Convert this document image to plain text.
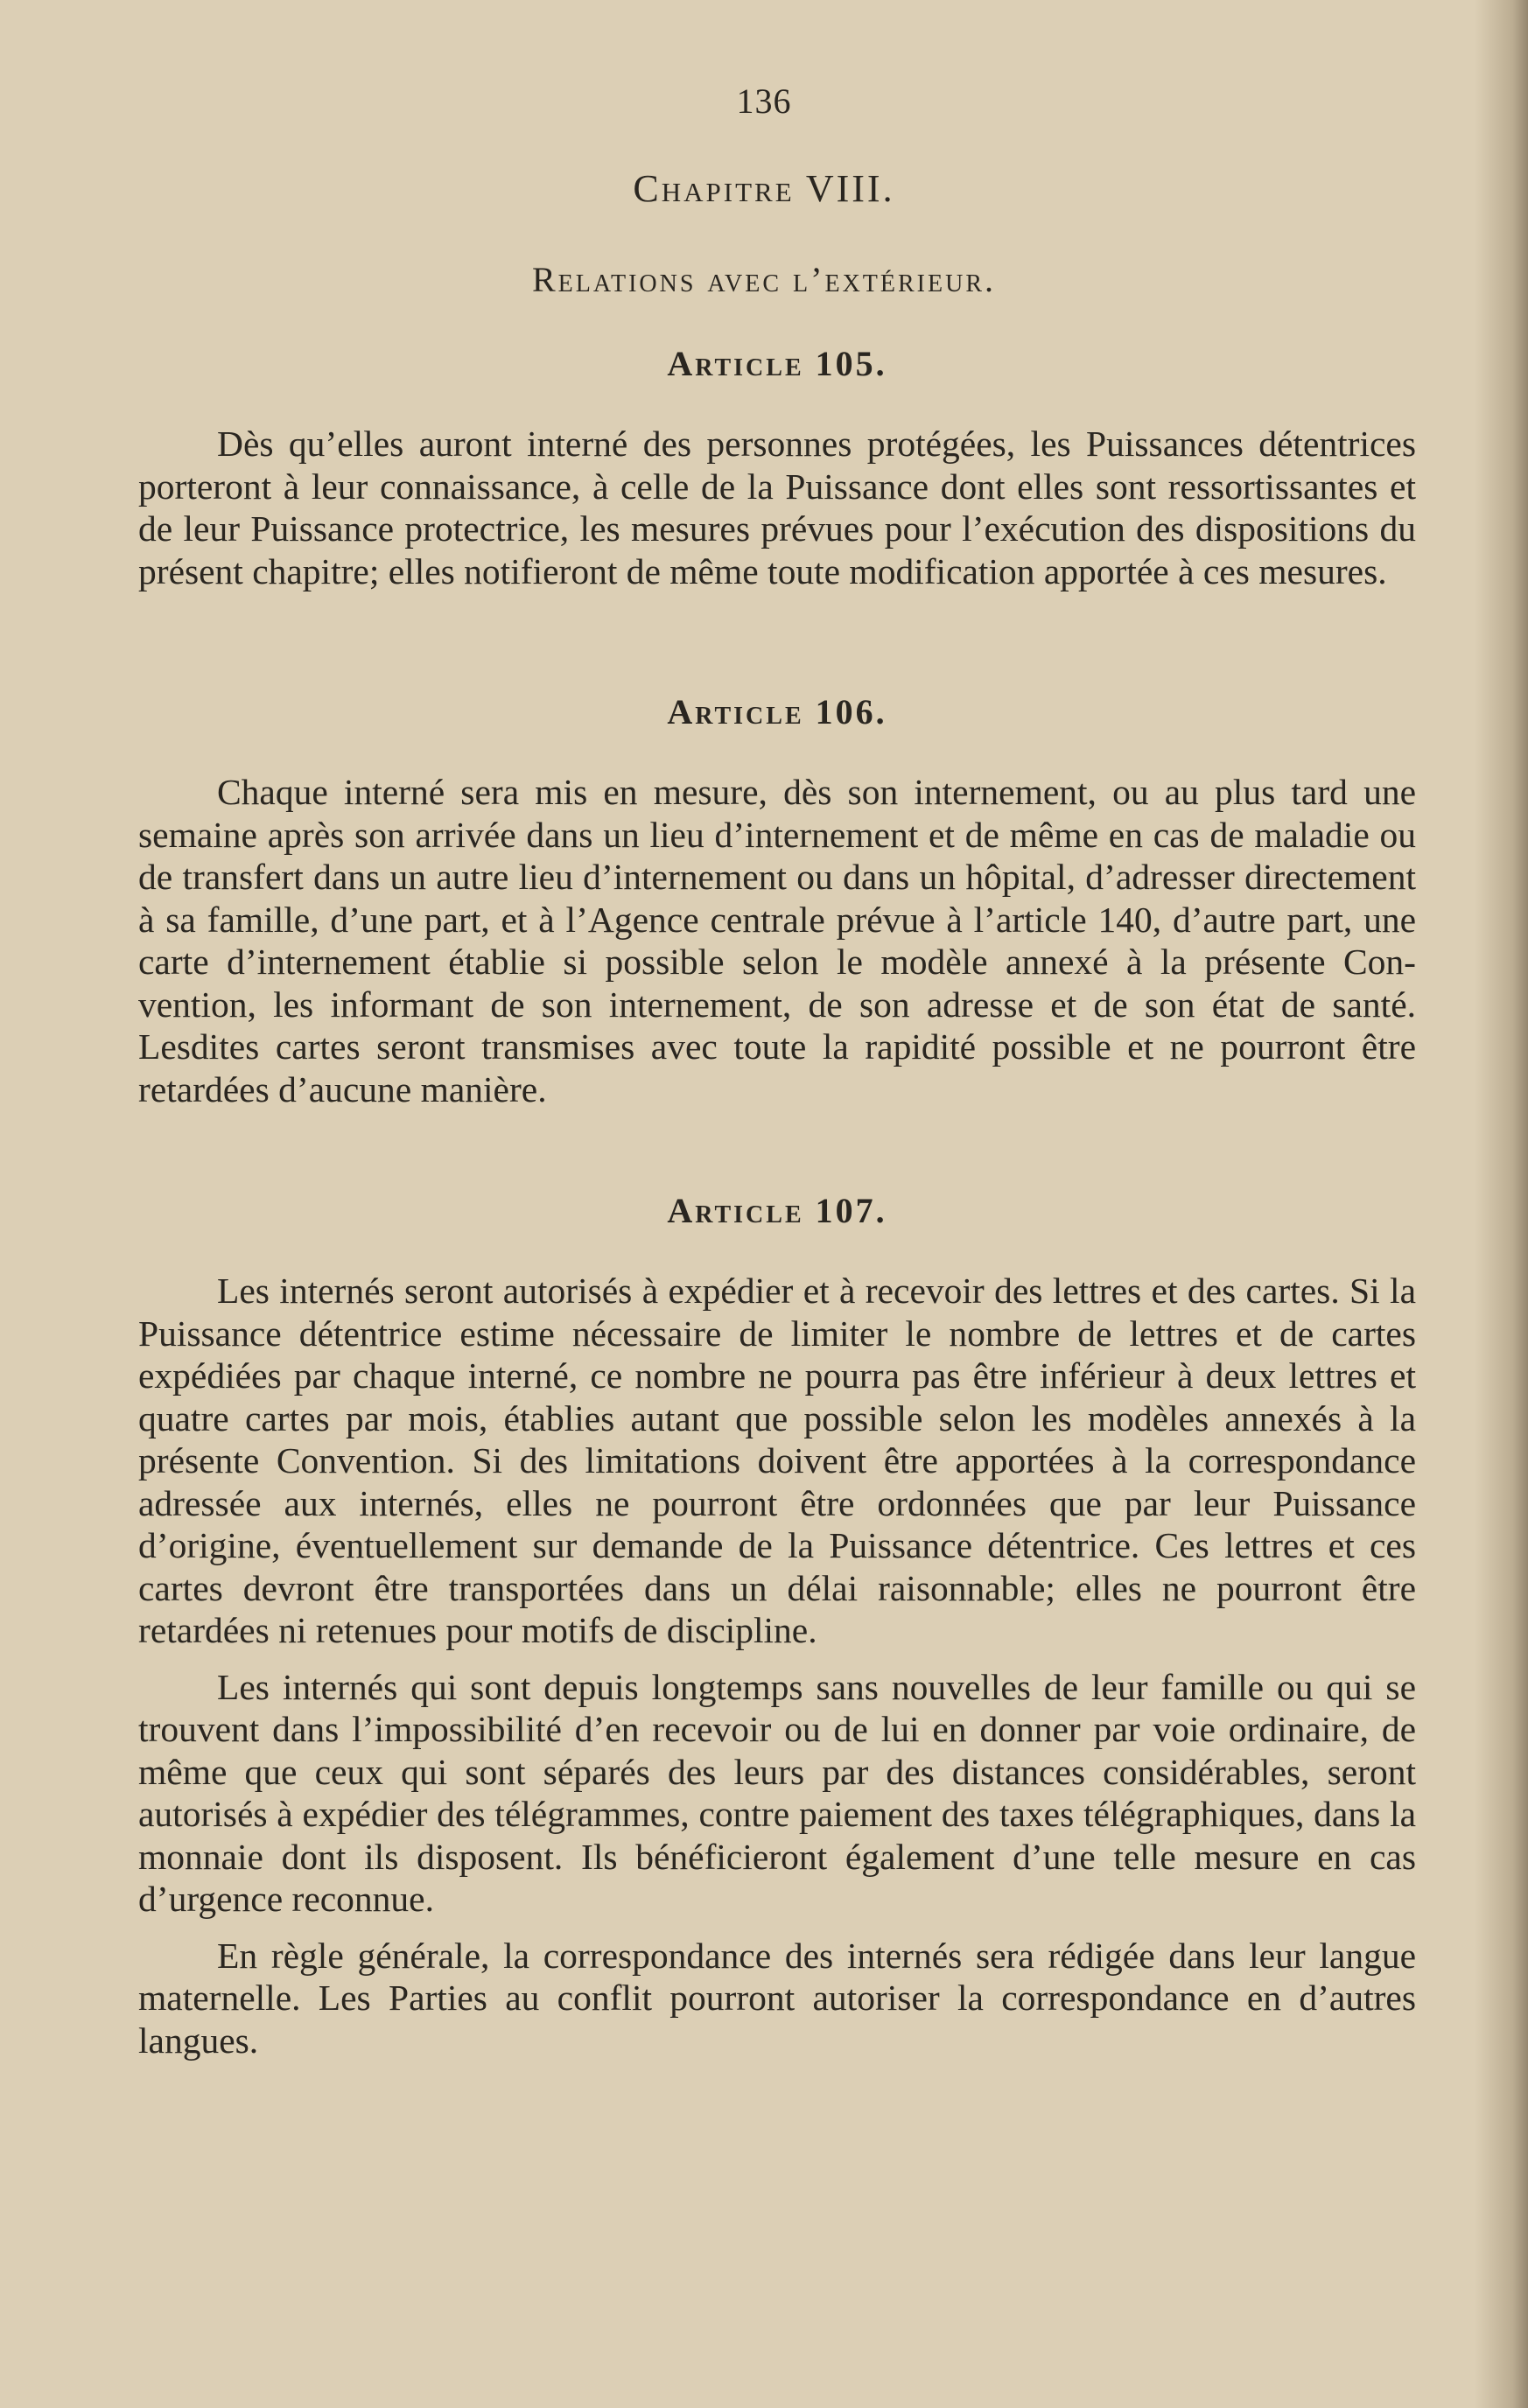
136
Chapitre VIII.
Relations avec l’extérieur.
Article 105.

Dès qu’elles auront interné des personnes protégées, les Puissances détentrices porteront à leur connaissance, à celle de la Puissance dont elles sont ressortissantes et de leur Puissance protectrice, les mesures prévues pour l’exécution des dispositions du présent chapitre; elles notifieront de même toute modification apportée à ces mesures.

Article 106.

Chaque interné sera mis en mesure, dès son internement, ou au plus tard une semaine après son arrivée dans un lieu d’internement et de même en cas de maladie ou de transfert dans un autre lieu d’internement ou dans un hôpital, d’adresser directement à sa famille, d’une part, et à l’Agence centrale prévue à l’article 140, d’autre part, une carte d’internement établie si possible selon le modèle annexé à la présente Convention, les informant de son internement, de son adresse et de son état de santé. Lesdites cartes seront transmises avec toute la rapidité possible et ne pourront être retardées d’aucune manière.

Article 107.

Les internés seront autorisés à expédier et à recevoir des lettres et des cartes. Si la Puissance détentrice estime nécessaire de limiter le nombre de lettres et de cartes expédiées par chaque interné, ce nombre ne pourra pas être inférieur à deux lettres et quatre cartes par mois, établies autant que possible selon les modèles annexés à la présente Convention. Si des limitations doivent être apportées à la correspondance adressée aux internés, elles ne pourront être ordonnées que par leur Puissance d’origine, éventuellement sur demande de la Puissance détentrice. Ces lettres et ces cartes devront être transportées dans un délai raisonnable; elles ne pourront être retardées ni retenues pour motifs de discipline.

Les internés qui sont depuis longtemps sans nouvelles de leur famille ou qui se trouvent dans l’impossibilité d’en recevoir ou de lui en donner par voie ordinaire, de même que ceux qui sont séparés des leurs par des distances considérables, seront autorisés à expédier des télégrammes, contre paiement des taxes télégraphiques, dans la monnaie dont ils disposent. Ils bénéficieront également d’une telle mesure en cas d’urgence reconnue.

En règle générale, la correspondance des internés sera rédigée dans leur langue maternelle. Les Parties au conflit pourront autoriser la correspondance en d’autres langues.
